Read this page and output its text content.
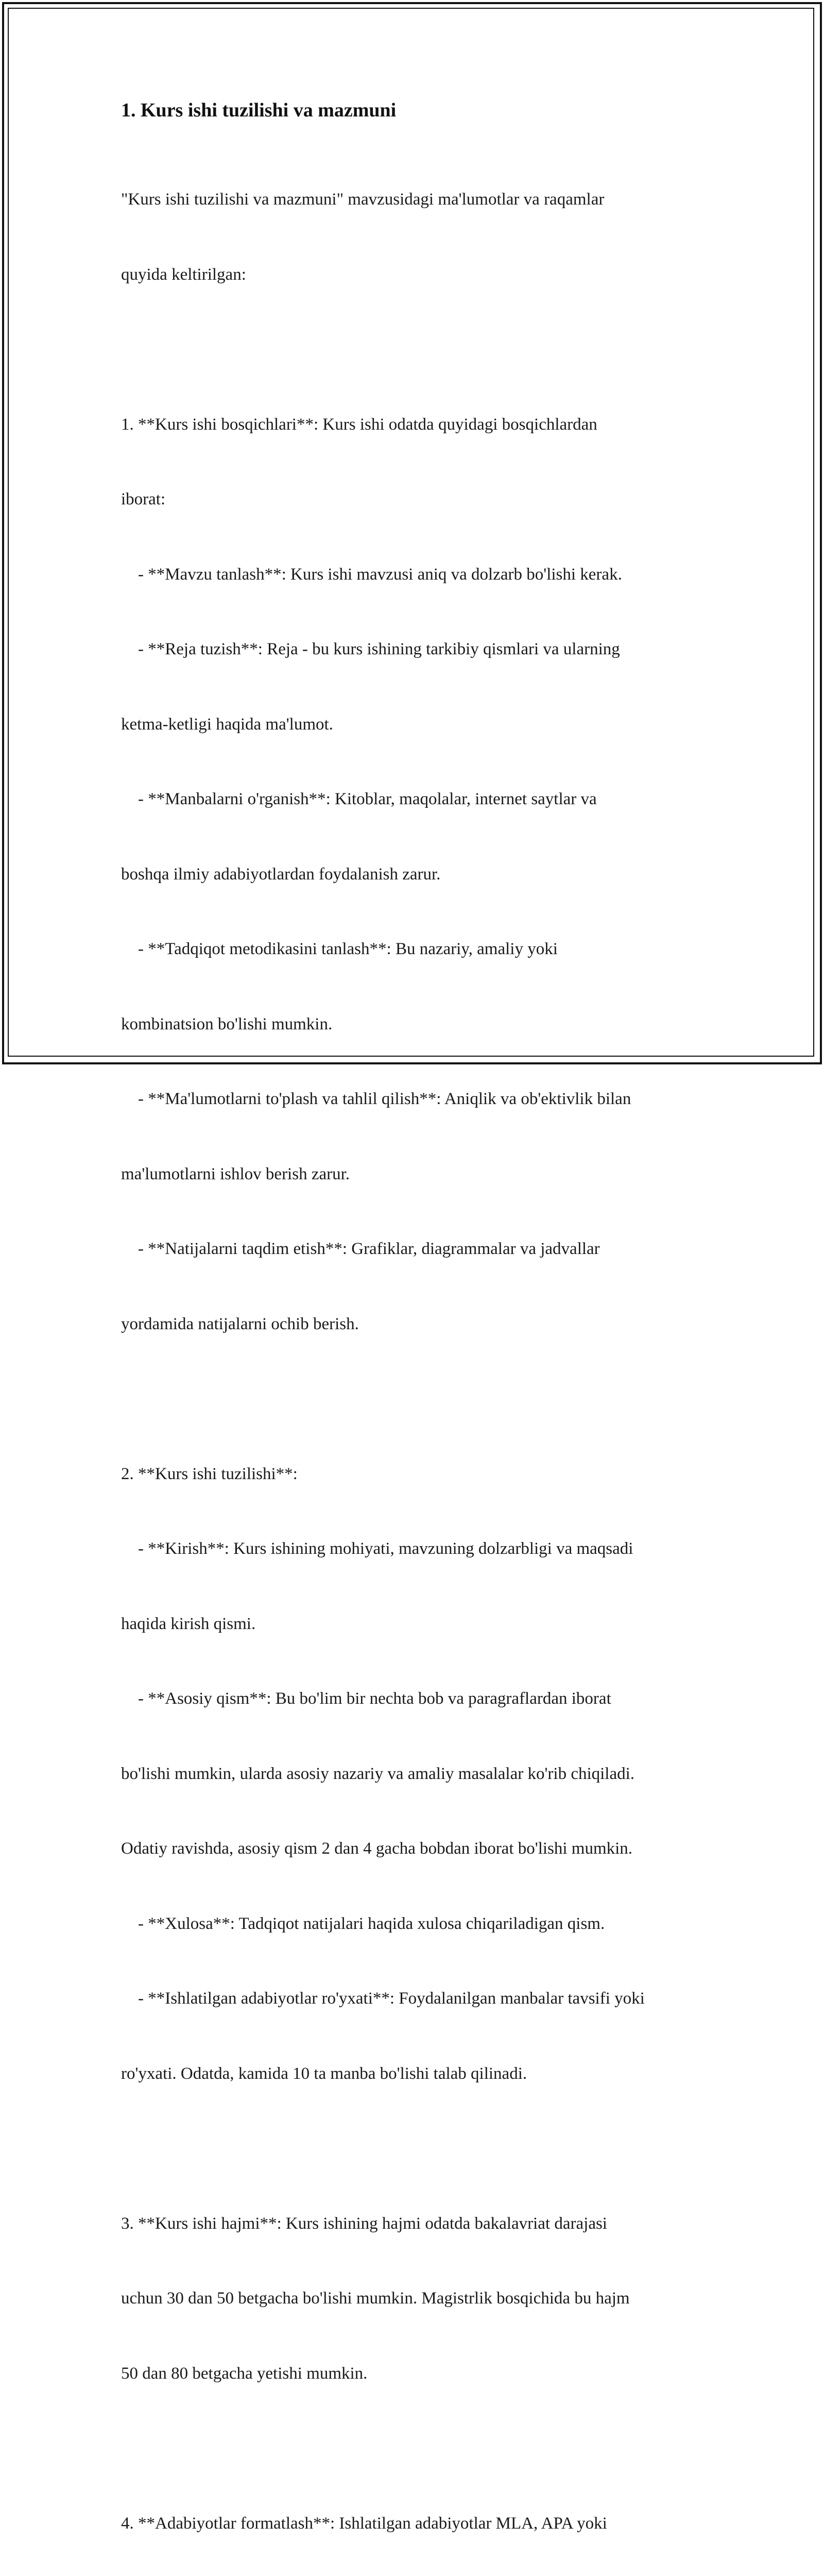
1. Kurs ishi tuzilishi va mazmuni

"Kurs ishi tuzilishi va mazmuni" mavzusidagi ma'lumotlar va raqamlar

quyida keltirilgan:

1. **Kurs ishi bosqichlari**: Kurs ishi odatda quyidagi bosqichlardan

iborat:

- **Mavzu tanlash**: Kurs ishi mavzusi aniq va dolzarb bo'lishi kerak.

- **Reja tuzish**: Reja - bu kurs ishining tarkibiy qismlari va ularning

ketma-ketligi haqida ma'lumot.

- **Manbalarni o'rganish**: Kitoblar, maqolalar, internet saytlar va

boshqa ilmiy adabiyotlardan foydalanish zarur.

- **Tadqiqot metodikasini tanlash**: Bu nazariy, amaliy yoki

kombinatsion bo'lishi mumkin.

- **Ma'lumotlarni to'plash va tahlil qilish**: Aniqlik va ob'ektivlik bilan

ma'lumotlarni ishlov berish zarur.

- **Natijalarni taqdim etish**: Grafiklar, diagrammalar va jadvallar

yordamida natijalarni ochib berish.

2. **Kurs ishi tuzilishi**:

- **Kirish**: Kurs ishining mohiyati, mavzuning dolzarbligi va maqsadi

haqida kirish qismi.

- **Asosiy qism**: Bu bo'lim bir nechta bob va paragraflardan iborat

bo'lishi mumkin, ularda asosiy nazariy va amaliy masalalar ko'rib chiqiladi.

Odatiy ravishda, asosiy qism 2 dan 4 gacha bobdan iborat bo'lishi mumkin.

- **Xulosa**: Tadqiqot natijalari haqida xulosa chiqariladigan qism.

- **Ishlatilgan adabiyotlar ro'yxati**: Foydalanilgan manbalar tavsifi yoki

ro'yxati. Odatda, kamida 10 ta manba bo'lishi talab qilinadi.

3. **Kurs ishi hajmi**: Kurs ishining hajmi odatda bakalavriat darajasi

uchun 30 dan 50 betgacha bo'lishi mumkin. Magistrlik bosqichida bu hajm

50 dan 80 betgacha yetishi mumkin.

4. **Adabiyotlar formatlash**: Ishlatilgan adabiyotlar MLA, APA yoki
